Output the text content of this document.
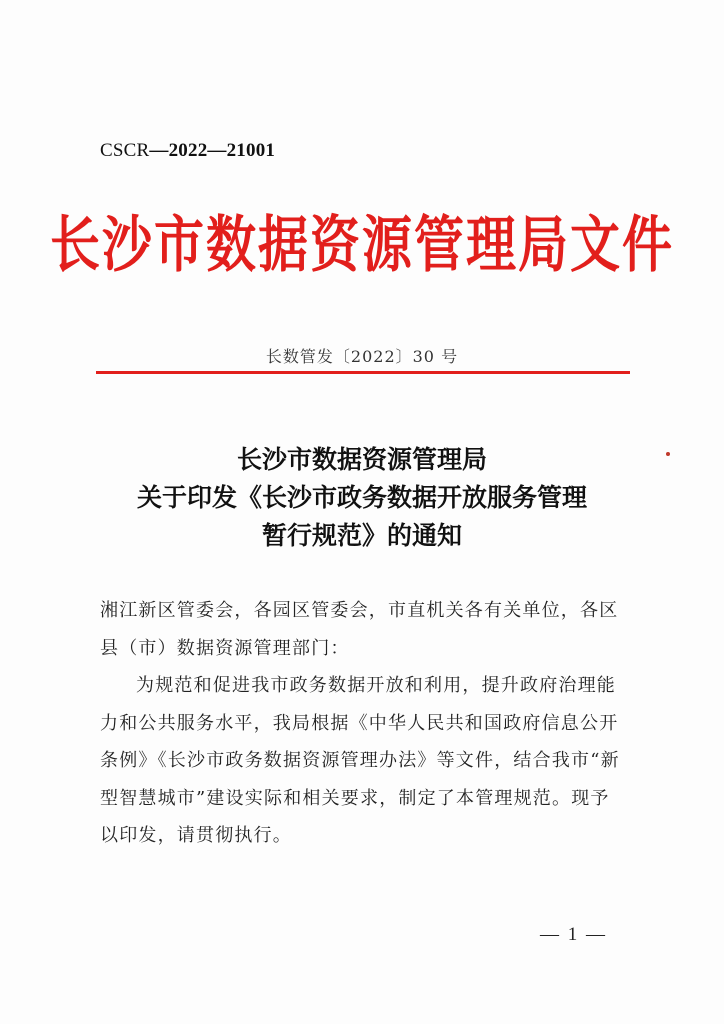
CSCR—2022—21001
长沙市数据资源管理局文件
长数管发〔2022〕30 号
长沙市数据资源管理局
关于印发《长沙市政务数据开放服务管理
暂行规范》的通知
湘江新区管委会，各园区管委会，市直机关各有关单位，各区
县（市）数据资源管理部门：
为规范和促进我市政务数据开放和利用，提升政府治理能
力和公共服务水平，我局根据《中华人民共和国政府信息公开
条例》《长沙市政务数据资源管理办法》等文件，结合我市“新
型智慧城市”建设实际和相关要求，制定了本管理规范。现予
以印发，请贯彻执行。
— 1 —
